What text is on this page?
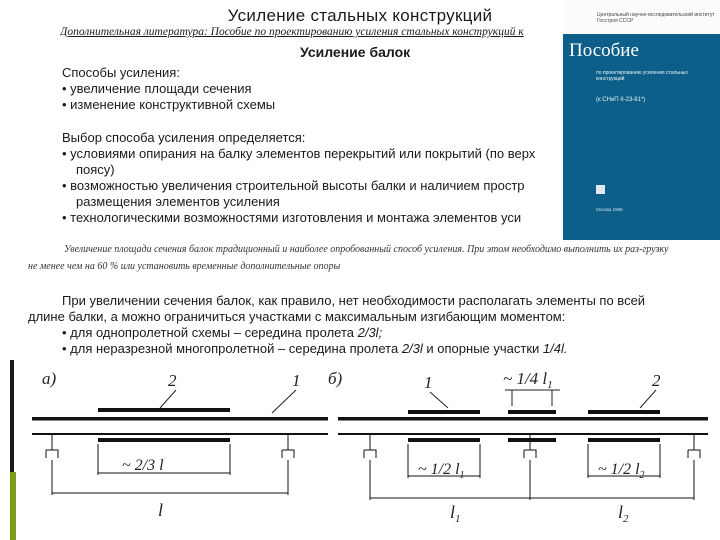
Усиление стальных конструкций
Дополнительная литература: Пособие по проектированию усиления стальных конструкций к
Усиление балок
Способы усиления:
• увеличение площади сечения
• изменение конструктивной схемы
Выбор способа усиления определяется:
• условиями опирания на балку элементов перекрытий или покрытий (по верх
поясу)
• возможностью увеличения строительной высоты балки и наличием простр
размещения элементов усиления
• технологическими возможностями изготовления и монтажа элементов уси
Увеличение площади сечения балок традиционный и наиболее опробованный способ усиления. При этом необходимо выполнить их раз-грузку
не менее чем на 60 % или установить временные дополнительные опоры
При увеличении сечения балок, как правило, нет необходимости располагать элементы по всей
длине балки, а можно ограничиться участками с максимальным изгибающим моментом:
• для однопролетной схемы – середина пролета 2/3l;
• для неразрезной многопролетной – середина пролета 2/3l и опорные участки 1/4l.
Центральный научно-исследовательский институт Госстроя СССР
Пособие
по проектированию усиления стальных конструкций
(к СНиП II-23-81*)
Москва 1989
а)	2	1
~ 2/3 l
l
б)	1	~ 1/4 $l_1$	2
~ 1/2 $l_1$	~ 1/2 $l_2$
$l_1$	$l_2$
